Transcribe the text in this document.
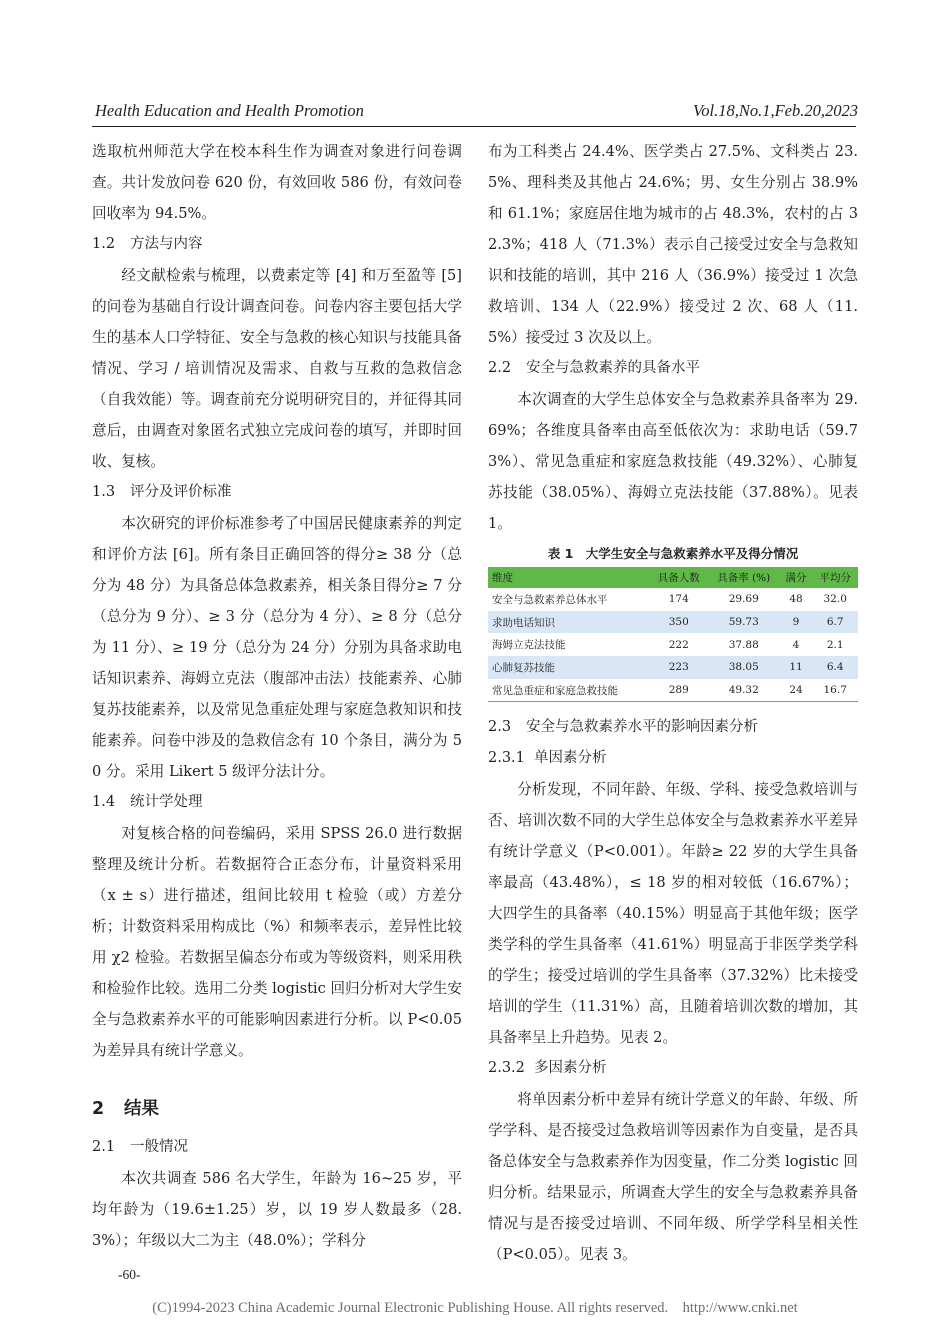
Health Education and Health Promotion	Vol.18,No.1,Feb.20,2023

选取杭州师范大学在校本科生作为调查对象进行问卷调查。共计发放问卷 620 份，有效回收 586 份，有效问卷回收率为 94.5%。

1.2 方法与内容

经文献检索与梳理，以费素定等 [4] 和万至盈等 [5] 的问卷为基础自行设计调查问卷。问卷内容主要包括大学生的基本人口学特征、安全与急救的核心知识与技能具备情况、学习 / 培训情况及需求、自救与互救的急救信念（自我效能）等。调查前充分说明研究目的，并征得其同意后，由调查对象匿名式独立完成问卷的填写，并即时回收、复核。

1.3 评分及评价标准

本次研究的评价标准参考了中国居民健康素养的判定和评价方法 [6]。所有条目正确回答的得分≥ 38 分（总分为 48 分）为具备总体急救素养，相关条目得分≥ 7 分（总分为 9 分）、≥ 3 分（总分为 4 分）、≥ 8 分（总分为 11 分）、≥ 19 分（总分为 24 分）分别为具备求助电话知识素养、海姆立克法（腹部冲击法）技能素养、心肺复苏技能素养，以及常见急重症处理与家庭急救知识和技能素养。问卷中涉及的急救信念有 10 个条目，满分为 50 分。采用 Likert 5 级评分法计分。

1.4 统计学处理

对复核合格的问卷编码，采用 SPSS 26.0 进行数据整理及统计分析。若数据符合正态分布，计量资料采用（x ± s）进行描述，组间比较用 t 检验（或）方差分析；计数资料采用构成比（%）和频率表示，差异性比较用 χ2 检验。若数据呈偏态分布或为等级资料，则采用秩和检验作比较。选用二分类 logistic 回归分析对大学生安全与急救素养水平的可能影响因素进行分析。以 P<0.05 为差异具有统计学意义。

2 结果
2.1 一般情况

本次共调查 586 名大学生，年龄为 16~25 岁，平均年龄为（19.6±1.25）岁，以 19 岁人数最多（28.3%）；年级以大二为主（48.0%）；学科分

布为工科类占 24.4%、医学类占 27.5%、文科类占 23.5%、理科类及其他占 24.6%；男、女生分别占 38.9% 和 61.1%；家庭居住地为城市的占 48.3%，农村的占 32.3%；418 人（71.3%）表示自己接受过安全与急救知识和技能的培训，其中 216 人（36.9%）接受过 1 次急救培训、134 人（22.9%）接受过 2 次、68 人（11.5%）接受过 3 次及以上。

2.2 安全与急救素养的具备水平

本次调查的大学生总体安全与急救素养具备率为 29.69%；各维度具备率由高至低依次为：求助电话（59.73%）、常见急重症和家庭急救技能（49.32%）、心肺复苏技能（38.05%）、海姆立克法技能（37.88%）。见表 1。

表 1　大学生安全与急救素养水平及得分情况
维度	具备人数	具备率 (%)	满分	平均分
安全与急救素养总体水平	174	29.69	48	32.0
求助电话知识	350	59.73	9	6.7
海姆立克法技能	222	37.88	4	2.1
心肺复苏技能	223	38.05	11	6.4
常见急重症和家庭急救技能	289	49.32	24	16.7
2.3 安全与急救素养水平的影响因素分析
2.3.1 单因素分析

分析发现，不同年龄、年级、学科、接受急救培训与否、培训次数不同的大学生总体安全与急救素养水平差异有统计学意义（P<0.001）。年龄≥ 22 岁的大学生具备率最高（43.48%），≤ 18 岁的相对较低（16.67%）；大四学生的具备率（40.15%）明显高于其他年级；医学类学科的学生具备率（41.61%）明显高于非医学类学科的学生；接受过培训的学生具备率（37.32%）比未接受培训的学生（11.31%）高，且随着培训次数的增加，其具备率呈上升趋势。见表 2。

2.3.2 多因素分析

将单因素分析中差异有统计学意义的年龄、年级、所学学科、是否接受过急救培训等因素作为自变量，是否具备总体安全与急救素养作为因变量，作二分类 logistic 回归分析。结果显示，所调查大学生的安全与急救素养具备情况与是否接受过培训、不同年级、所学学科呈相关性（P<0.05）。见表 3。

-60-
(C)1994-2023 China Academic Journal Electronic Publishing House. All rights reserved.　http://www.cnki.net
